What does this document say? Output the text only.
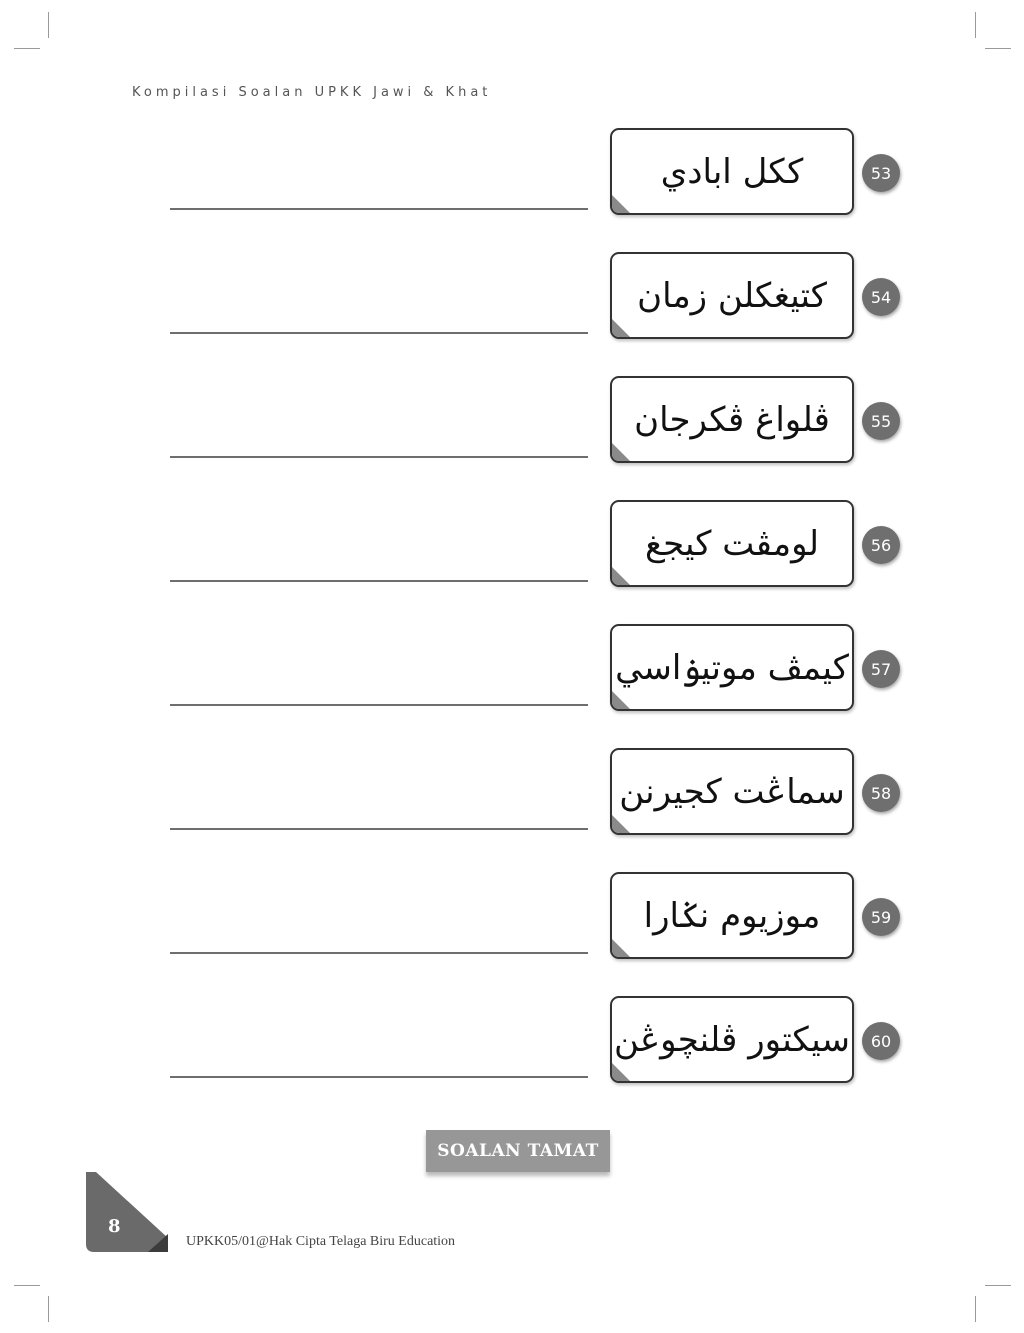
Kompilasi Soalan UPKK Jawi & Khat
ككل ابادي	53
كتيغكلن زمان	54
ڤلواغ ڤكرجان	55
لومڤت كيجغ	56
كيمڤ موتيۏاسي	57
سماڠت كجيرنن	58
موزيوم نݢارا	59
سيكتور ڤلنچوڠن	60
SOALAN TAMAT
8
UPKK05/01@Hak Cipta Telaga Biru Education
